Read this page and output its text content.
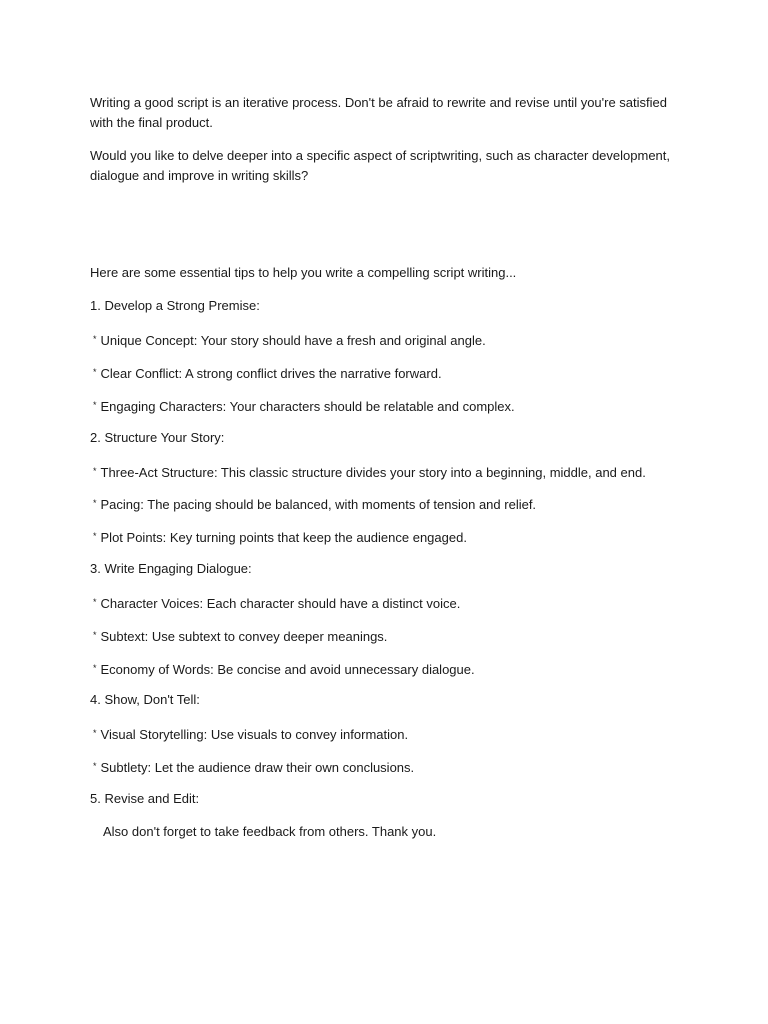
Writing a good script is an iterative process. Don't be afraid to rewrite and revise until you're satisfied with the final product.

Would you like to delve deeper into a specific aspect of scriptwriting, such as character development, dialogue and improve in writing skills?

Here are some essential tips to help you write a compelling script writing...

1. Develop a Strong Premise:

* Unique Concept: Your story should have a fresh and original angle.

* Clear Conflict: A strong conflict drives the narrative forward.

* Engaging Characters: Your characters should be relatable and complex.

2. Structure Your Story:

* Three-Act Structure: This classic structure divides your story into a beginning, middle, and end.

* Pacing: The pacing should be balanced, with moments of tension and relief.

* Plot Points: Key turning points that keep the audience engaged.

3. Write Engaging Dialogue:

* Character Voices: Each character should have a distinct voice.

* Subtext: Use subtext to convey deeper meanings.

* Economy of Words: Be concise and avoid unnecessary dialogue.

4. Show, Don't Tell:

* Visual Storytelling: Use visuals to convey information.

* Subtlety: Let the audience draw their own conclusions.

5. Revise and Edit:

Also don't forget to take feedback from others. Thank you.
